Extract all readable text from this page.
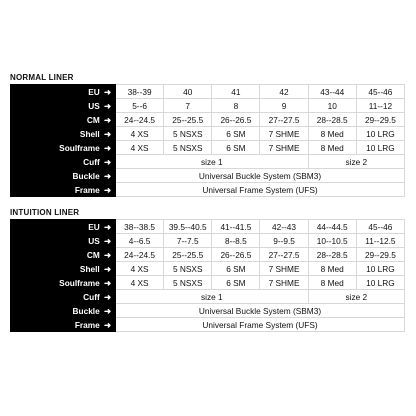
NORMAL LINER
EU ➜	38--39	40	41	42	43--44	45--46
US ➜	5--6	7	8	9	10	11--12
CM ➜	24--24.5	25--25.5	26--26.5	27--27.5	28--28.5	29--29.5
Shell ➜	4 XS	5 NSXS	6 SM	7 SHME	8 Med	10 LRG
Soulframe ➜	4 XS	5 NSXS	6 SM	7 SHME	8 Med	10 LRG
Cuff ➜	size 1				size 2	
Buckle ➜	Universal Buckle System (SBM3)					
Frame ➜	Universal Frame System (UFS)					
INTUITION LINER
EU ➜	38--38.5	39.5--40.5	41--41.5	42--43	44--44.5	45--46
US ➜	4--6.5	7--7.5	8--8.5	9--9.5	10--10.5	11--12.5
CM ➜	24--24.5	25--25.5	26--26.5	27--27.5	28--28.5	29--29.5
Shell ➜	4 XS	5 NSXS	6 SM	7 SHME	8 Med	10 LRG
Soulframe ➜	4 XS	5 NSXS	6 SM	7 SHME	8 Med	10 LRG
Cuff ➜	size 1				size 2	
Buckle ➜	Universal Buckle System (SBM3)					
Frame ➜	Universal Frame System (UFS)					
